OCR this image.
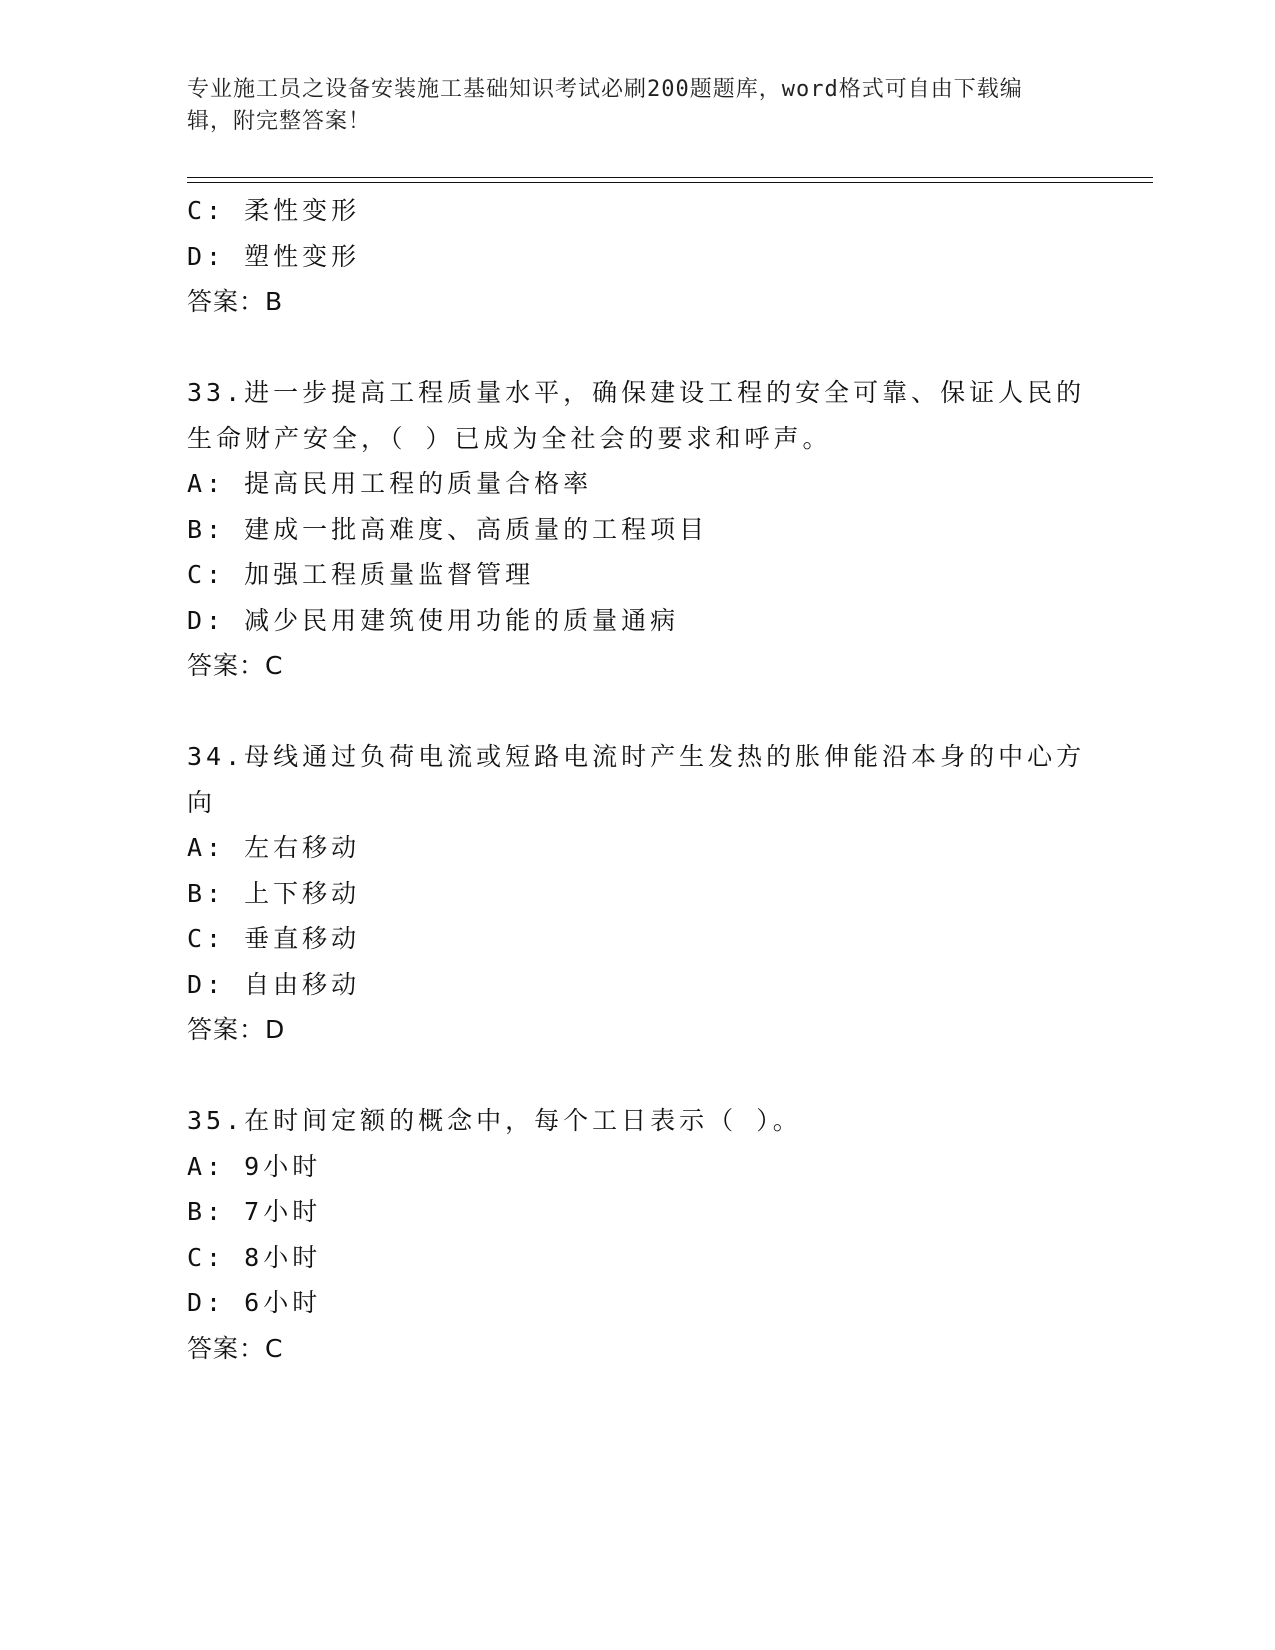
专业施工员之设备安装施工基础知识考试必刷200题题库，word格式可自由下载编辑，附完整答案！
C: 柔性变形
D: 塑性变形
答案：B
33.进一步提高工程质量水平，确保建设工程的安全可靠、保证人民的生命财产安全，（ ）已成为全社会的要求和呼声。
A: 提高民用工程的质量合格率
B: 建成一批高难度、高质量的工程项目
C: 加强工程质量监督管理
D: 减少民用建筑使用功能的质量通病
答案：C
34.母线通过负荷电流或短路电流时产生发热的胀伸能沿本身的中心方向
A: 左右移动
B: 上下移动
C: 垂直移动
D: 自由移动
答案：D
35.在时间定额的概念中，每个工日表示（ ）。
A: 9小时
B: 7小时
C: 8小时
D: 6小时
答案：C
